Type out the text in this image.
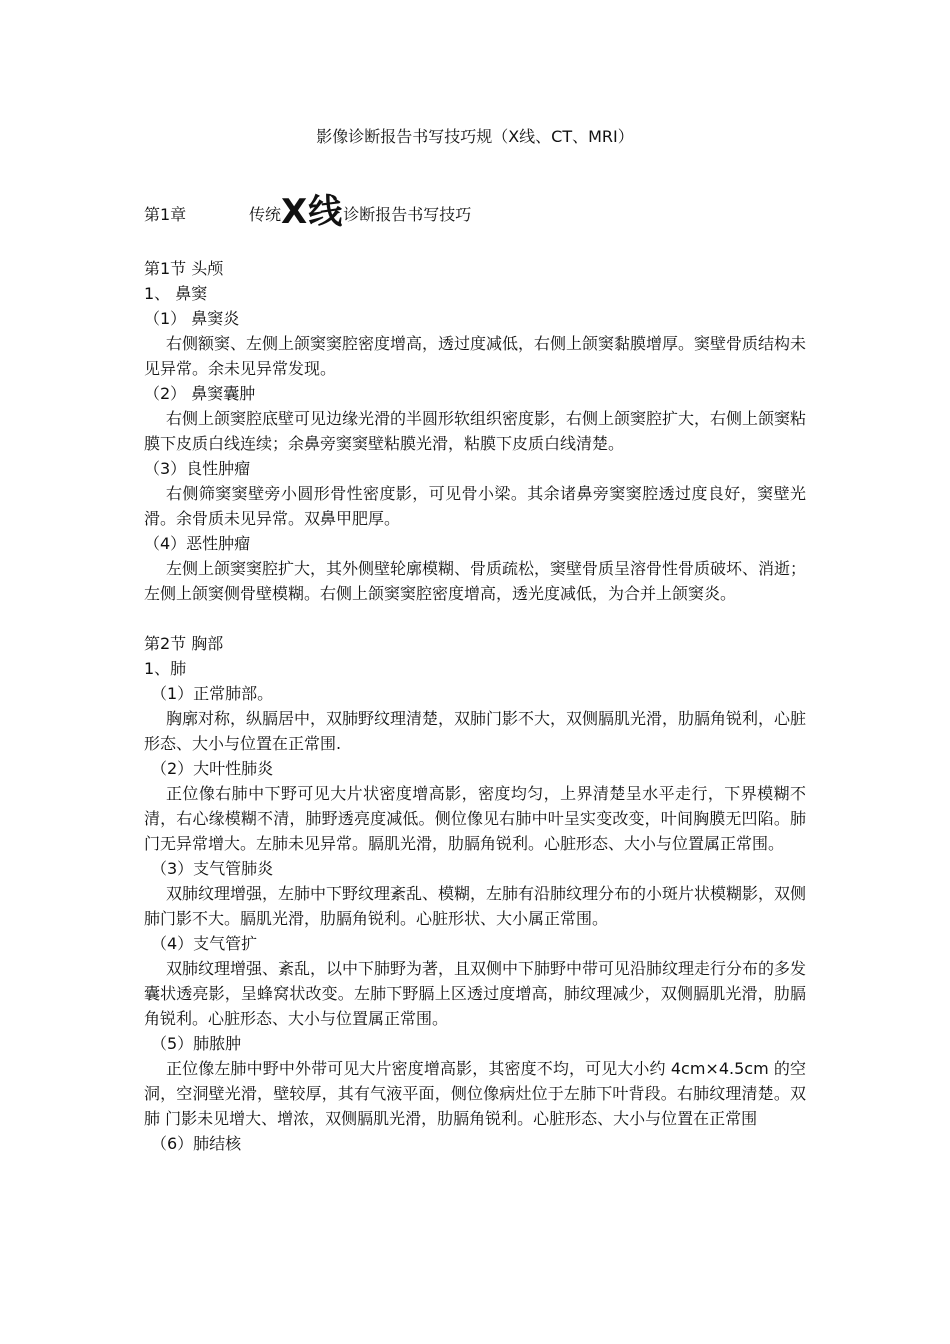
影像诊断报告书写技巧规（X线、CT、MRI）
第1章	传统X线诊断报告书写技巧
第1节 头颅
1、 鼻窦
（1） 鼻窦炎
右侧额窦、左侧上颌窦窦腔密度增高，透过度减低，右侧上颌窦黏膜增厚。窦壁骨质结构未见异常。余未见异常发现。
（2） 鼻窦囊肿
右侧上颌窦腔底壁可见边缘光滑的半圆形软组织密度影，右侧上颌窦腔扩大，右侧上颌窦粘膜下皮质白线连续；余鼻旁窦窦壁粘膜光滑，粘膜下皮质白线清楚。
（3）良性肿瘤
右侧筛窦窦壁旁小圆形骨性密度影，可见骨小梁。其余诸鼻旁窦窦腔透过度良好，窦壁光滑。余骨质未见异常。双鼻甲肥厚。
（4）恶性肿瘤
左侧上颌窦窦腔扩大，其外侧壁轮廓模糊、骨质疏松，窦壁骨质呈溶骨性骨质破坏、消逝；左侧上颌窦侧骨壁模糊。右侧上颌窦窦腔密度增高，透光度减低，为合并上颌窦炎。
第2节 胸部
1、肺
（1）正常肺部。
胸廓对称，纵膈居中，双肺野纹理清楚，双肺门影不大，双侧膈肌光滑，肋膈角锐利，心脏形态、大小与位置在正常围.
（2）大叶性肺炎
正位像右肺中下野可见大片状密度增高影，密度均匀，上界清楚呈水平走行，下界模糊不清，右心缘模糊不清，肺野透亮度减低。侧位像见右肺中叶呈实变改变，叶间胸膜无凹陷。肺门无异常增大。左肺未见异常。膈肌光滑，肋膈角锐利。心脏形态、大小与位置属正常围。
（3）支气管肺炎
双肺纹理增强，左肺中下野纹理紊乱、模糊，左肺有沿肺纹理分布的小斑片状模糊影，双侧肺门影不大。膈肌光滑，肋膈角锐利。心脏形状、大小属正常围。
（4）支气管扩
双肺纹理增强、紊乱，以中下肺野为著，且双侧中下肺野中带可见沿肺纹理走行分布的多发囊状透亮影，呈蜂窝状改变。左肺下野膈上区透过度增高，肺纹理减少，双侧膈肌光滑，肋膈角锐利。心脏形态、大小与位置属正常围。
（5）肺脓肿
正位像左肺中野中外带可见大片密度增高影，其密度不均，可见大小约 4cm×4.5cm 的空洞，空洞壁光滑，壁较厚，其有气液平面，侧位像病灶位于左肺下叶背段。右肺纹理清楚。双肺 门影未见增大、增浓，双侧膈肌光滑，肋膈角锐利。心脏形态、大小与位置在正常围
（6）肺结核
